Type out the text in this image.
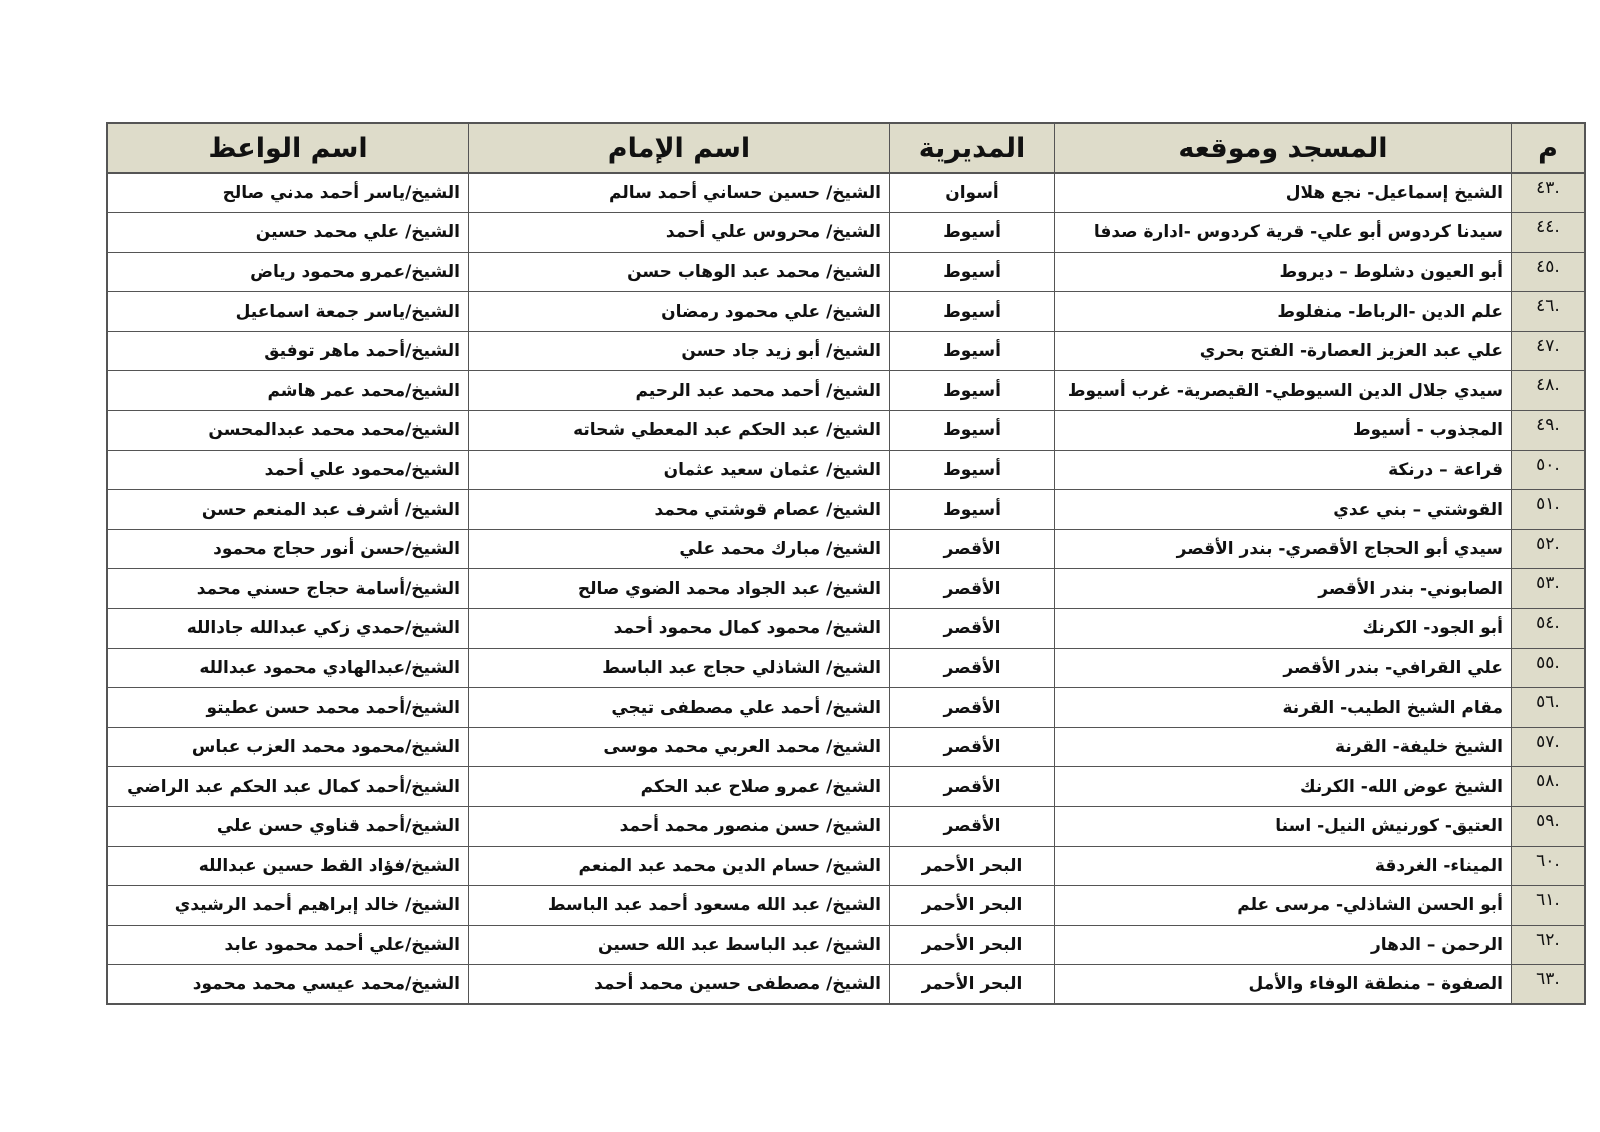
م	المسجد وموقعه	المديرية	اسم الإمام	اسم الواعظ
.٤٣	الشيخ إسماعيل- نجع هلال	أسوان	الشيخ/ حسين حساني أحمد سالم	الشيخ/ياسر أحمد مدني صالح
.٤٤	سيدنا كردوس أبو علي- قرية كردوس -ادارة صدفا	أسيوط	الشيخ/ محروس علي أحمد	الشيخ/ علي محمد حسين
.٤٥	أبو العيون دشلوط – ديروط	أسيوط	الشيخ/ محمد عبد الوهاب حسن	الشيخ/عمرو محمود رياض
.٤٦	علم الدين -الرباط- منفلوط	أسيوط	الشيخ/ علي محمود رمضان	الشيخ/ياسر جمعة اسماعيل
.٤٧	علي عبد العزيز العصارة- الفتح بحري	أسيوط	الشيخ/ أبو زيد جاد حسن	الشيخ/أحمد ماهر توفيق
.٤٨	سيدي جلال الدين السيوطي- القيصرية- غرب أسيوط	أسيوط	الشيخ/ أحمد محمد عبد الرحيم	الشيخ/محمد عمر هاشم
.٤٩	المجذوب - أسيوط	أسيوط	الشيخ/ عبد الحكم عبد المعطي شحاته	الشيخ/محمد محمد عبدالمحسن
.٥٠	قراعة – درنكة	أسيوط	الشيخ/ عثمان سعيد عثمان	الشيخ/محمود علي أحمد
.٥١	القوشتي – بني عدي	أسيوط	الشيخ/ عصام قوشتي محمد	الشيخ/ أشرف عبد المنعم حسن
.٥٢	سيدي أبو الحجاج الأقصري- بندر الأقصر	الأقصر	الشيخ/ مبارك محمد علي	الشيخ/حسن أنور حجاج محمود
.٥٣	الصابوني- بندر الأقصر	الأقصر	الشيخ/ عبد الجواد محمد الضوي صالح	الشيخ/أسامة حجاج حسني محمد
.٥٤	أبو الجود- الكرنك	الأقصر	الشيخ/ محمود كمال محمود أحمد	الشيخ/حمدي زكي عبدالله جادالله
.٥٥	علي القرافي- بندر الأقصر	الأقصر	الشيخ/ الشاذلي حجاج عبد الباسط	الشيخ/عبدالهادي محمود عبدالله
.٥٦	مقام الشيخ الطيب- القرنة	الأقصر	الشيخ/ أحمد علي مصطفى تيجي	الشيخ/أحمد محمد حسن عطيتو
.٥٧	الشيخ خليفة- القرنة	الأقصر	الشيخ/ محمد العربي محمد موسى	الشيخ/محمود محمد العزب عباس
.٥٨	الشيخ عوض الله- الكرنك	الأقصر	الشيخ/ عمرو صلاح عبد الحكم	الشيخ/أحمد كمال عبد الحكم عبد الراضي
.٥٩	العتيق- كورنيش النيل- اسنا	الأقصر	الشيخ/ حسن منصور محمد أحمد	الشيخ/أحمد قناوي حسن علي
.٦٠	الميناء- الغردقة	البحر الأحمر	الشيخ/ حسام الدين محمد عبد المنعم	الشيخ/فؤاد القط حسين عبدالله
.٦١	أبو الحسن الشاذلي- مرسى علم	البحر الأحمر	الشيخ/ عبد الله مسعود أحمد عبد الباسط	الشيخ/ خالد إبراهيم أحمد الرشيدي
.٦٢	الرحمن – الدهار	البحر الأحمر	الشيخ/ عبد الباسط عبد الله حسين	الشيخ/علي أحمد محمود عابد
.٦٣	الصفوة – منطقة الوفاء والأمل	البحر الأحمر	الشيخ/ مصطفى حسين محمد أحمد	الشيخ/محمد عيسي محمد محمود
